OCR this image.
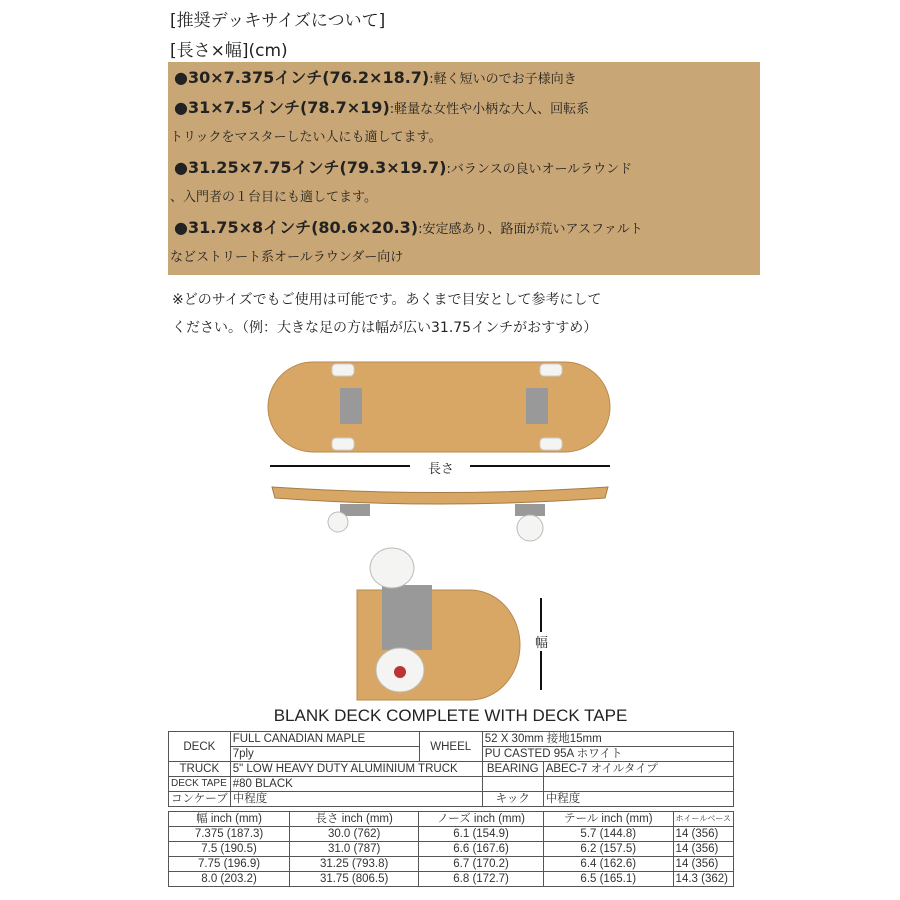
[推奨デッキサイズについて]
[長さ×幅](cm)
●30×7.375インチ(76.2×18.7):軽く短いのでお子様向き
●31×7.5インチ(78.7×19):軽量な女性や小柄な大人、回転系
トリックをマスターしたい人にも適してます。
●31.25×7.75インチ(79.3×19.7):バランスの良いオールラウンド
、入門者の１台目にも適してます。
●31.75×8インチ(80.6×20.3):安定感あり、路面が荒いアスファルト
などストリート系オールラウンダー向け
※どのサイズでもご使用は可能です。あくまで目安として参考にして
ください。（例：大きな足の方は幅が広い31.75インチがおすすめ）
長さ
幅
BLANK DECK COMPLETE WITH DECK TAPE
DECK	FULL CANADIAN MAPLE	WHEEL	52 X 30mm 接地15mm	
	7ply		PU CASTED 95A ホワイト	
TRUCK	5" LOW HEAVY DUTY ALUMINIUM TRUCK		BEARING	ABEC-7 オイルタイプ
DECK TAPE	#80 BLACK			
コンケーブ	中程度		キック	中程度
幅 inch (mm)	長さ inch (mm)	ノーズ inch (mm)	テール inch (mm)	ホイールベース
7.375 (187.3)	30.0 (762)	6.1 (154.9)	5.7 (144.8)	14 (356)
7.5 (190.5)	31.0 (787)	6.6 (167.6)	6.2 (157.5)	14 (356)
7.75 (196.9)	31.25 (793.8)	6.7 (170.2)	6.4 (162.6)	14 (356)
8.0 (203.2)	31.75 (806.5)	6.8 (172.7)	6.5 (165.1)	14.3 (362)
